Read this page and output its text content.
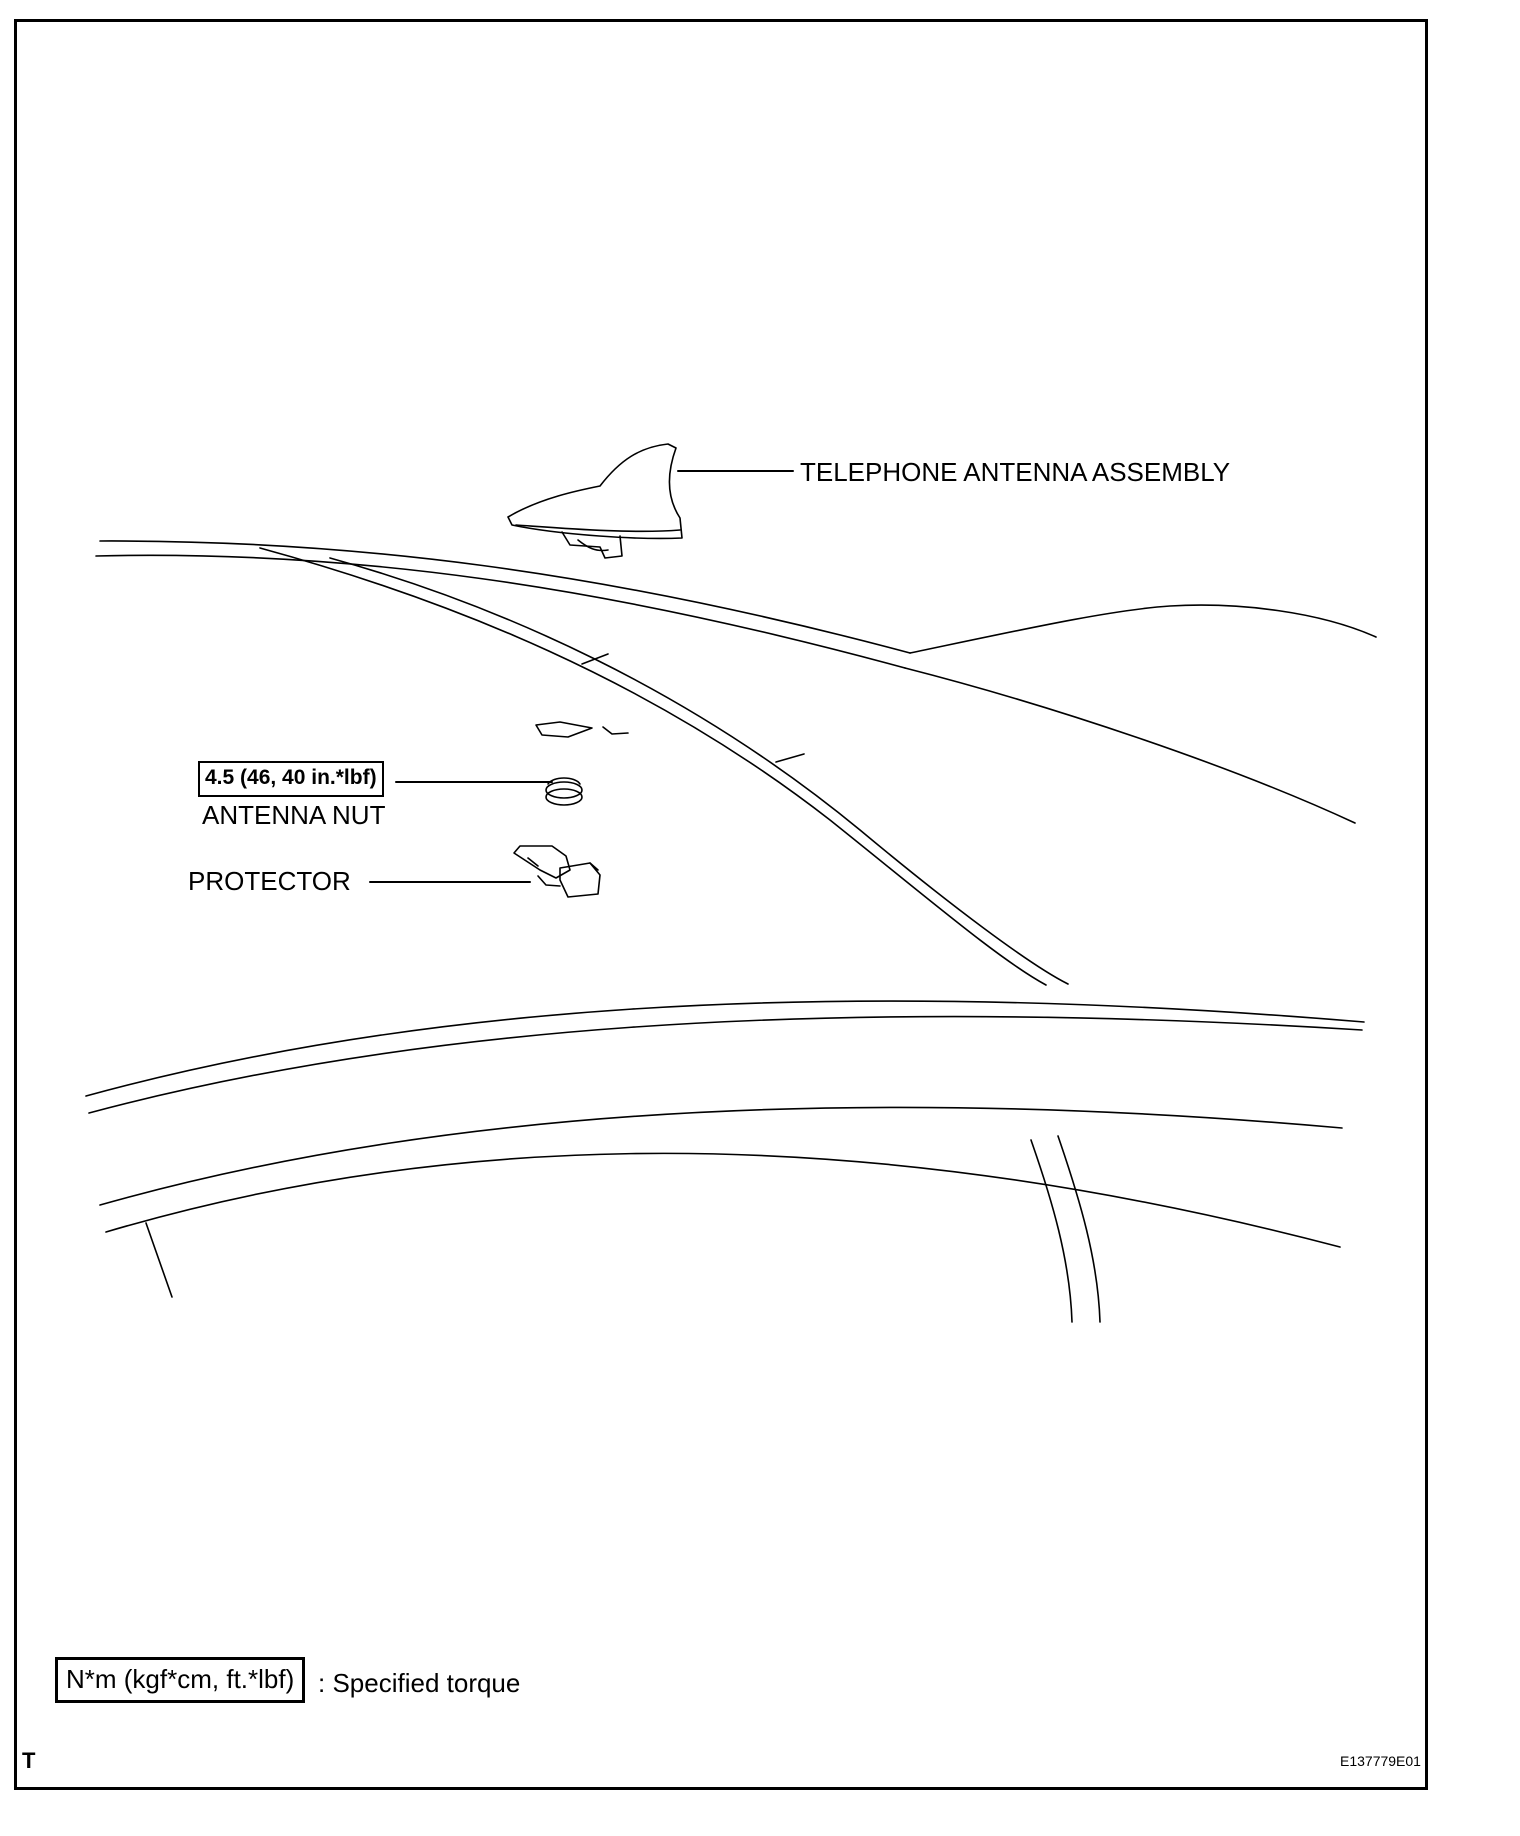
TELEPHONE ANTENNA ASSEMBLY
4.5 (46, 40 in.*lbf)
ANTENNA NUT
PROTECTOR
N*m (kgf*cm, ft.*lbf) : Specified torque
T	E137779E01
